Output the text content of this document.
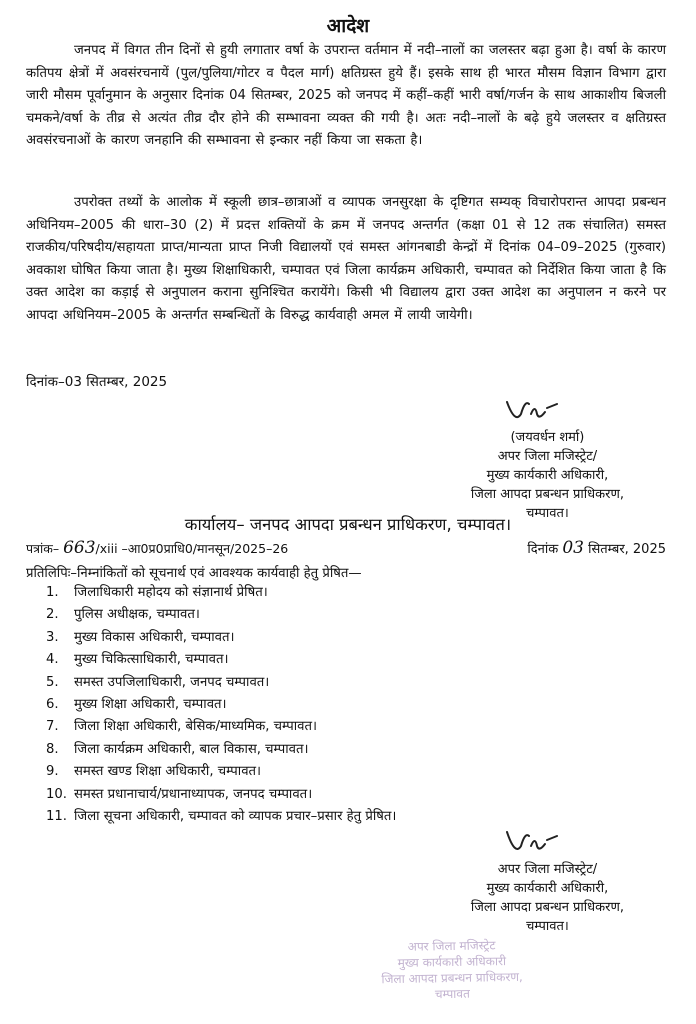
आदेश

जनपद में विगत तीन दिनों से हुयी लगातार वर्षा के उपरान्त वर्तमान में नदी–नालों का जलस्तर बढ़ा हुआ है। वर्षा के कारण कतिपय क्षेत्रों में अवसंरचनायें (पुल/पुलिया/गोटर व पैदल मार्ग) क्षतिग्रस्त हुये हैं। इसके साथ ही भारत मौसम विज्ञान विभाग द्वारा जारी मौसम पूर्वानुमान के अनुसार दिनांक 04 सितम्बर, 2025 को जनपद में कहीं–कहीं भारी वर्षा/गर्जन के साथ आकाशीय बिजली चमकने/वर्षा के तीव्र से अत्यंत तीव्र दौर होने की सम्भावना व्यक्त की गयी है। अतः नदी–नालों के बढ़े हुये जलस्तर व क्षतिग्रस्त अवसंरचनाओं के कारण जनहानि की सम्भावना से इन्कार नहीं किया जा सकता है।

उपरोक्त तथ्यों के आलोक में स्कूली छात्र–छात्राओं व व्यापक जनसुरक्षा के दृष्टिगत सम्यक् विचारोपरान्त आपदा प्रबन्धन अधिनियम–2005 की धारा–30 (2) में प्रदत्त शक्तियों के क्रम में जनपद अन्तर्गत (कक्षा 01 से 12 तक संचालित) समस्त राजकीय/परिषदीय/सहायता प्राप्त/मान्यता प्राप्त निजी विद्यालयों एवं समस्त आंगनबाडी केन्द्रों में दिनांक 04–09–2025 (गुरुवार) अवकाश घोषित किया जाता है। मुख्य शिक्षाधिकारी, चम्पावत एवं जिला कार्यक्रम अधिकारी, चम्पावत को निर्देशित किया जाता है कि उक्त आदेश का कड़ाई से अनुपालन कराना सुनिश्चित करायेंगे। किसी भी विद्यालय द्वारा उक्त आदेश का अनुपालन न करने पर आपदा अधिनियम–2005 के अन्तर्गत सम्बन्धितों के विरुद्ध कार्यवाही अमल में लायी जायेगी।

दिनांक–03 सितम्बर, 2025
(जयवर्धन शर्मा)
अपर जिला मजिस्ट्रेट/
मुख्य कार्यकारी अधिकारी,
जिला आपदा प्रबन्धन प्राधिकरण,
चम्पावत।
कार्यालय– जनपद आपदा प्रबन्धन प्राधिकरण, चम्पावत।
पत्रांक– 663/xiii –आ0प्र0प्राधि0/मानसून/2025–26	दिनांक 03 सितम्बर, 2025
प्रतिलिपिः–निम्नांकितों को सूचनार्थ एवं आवश्यक कार्यवाही हेतु प्रेषित—
1. जिलाधिकारी महोदय को संज्ञानार्थ प्रेषित।
2. पुलिस अधीक्षक, चम्पावत।
3. मुख्य विकास अधिकारी, चम्पावत।
4. मुख्य चिकित्साधिकारी, चम्पावत।
5. समस्त उपजिलाधिकारी, जनपद चम्पावत।
6. मुख्य शिक्षा अधिकारी, चम्पावत।
7. जिला शिक्षा अधिकारी, बेसिक/माध्यमिक, चम्पावत।
8. जिला कार्यक्रम अधिकारी, बाल विकास, चम्पावत।
9. समस्त खण्ड शिक्षा अधिकारी, चम्पावत।
10. समस्त प्रधानाचार्य/प्रधानाध्यापक, जनपद चम्पावत।
11. जिला सूचना अधिकारी, चम्पावत को व्यापक प्रचार–प्रसार हेतु प्रेषित।
अपर जिला मजिस्ट्रेट/
मुख्य कार्यकारी अधिकारी,
जिला आपदा प्रबन्धन प्राधिकरण,
चम्पावत।
अपर जिला मजिस्ट्रेट
मुख्य कार्यकारी अधिकारी
जिला आपदा प्रबन्धन प्राधिकरण,
चम्पावत
